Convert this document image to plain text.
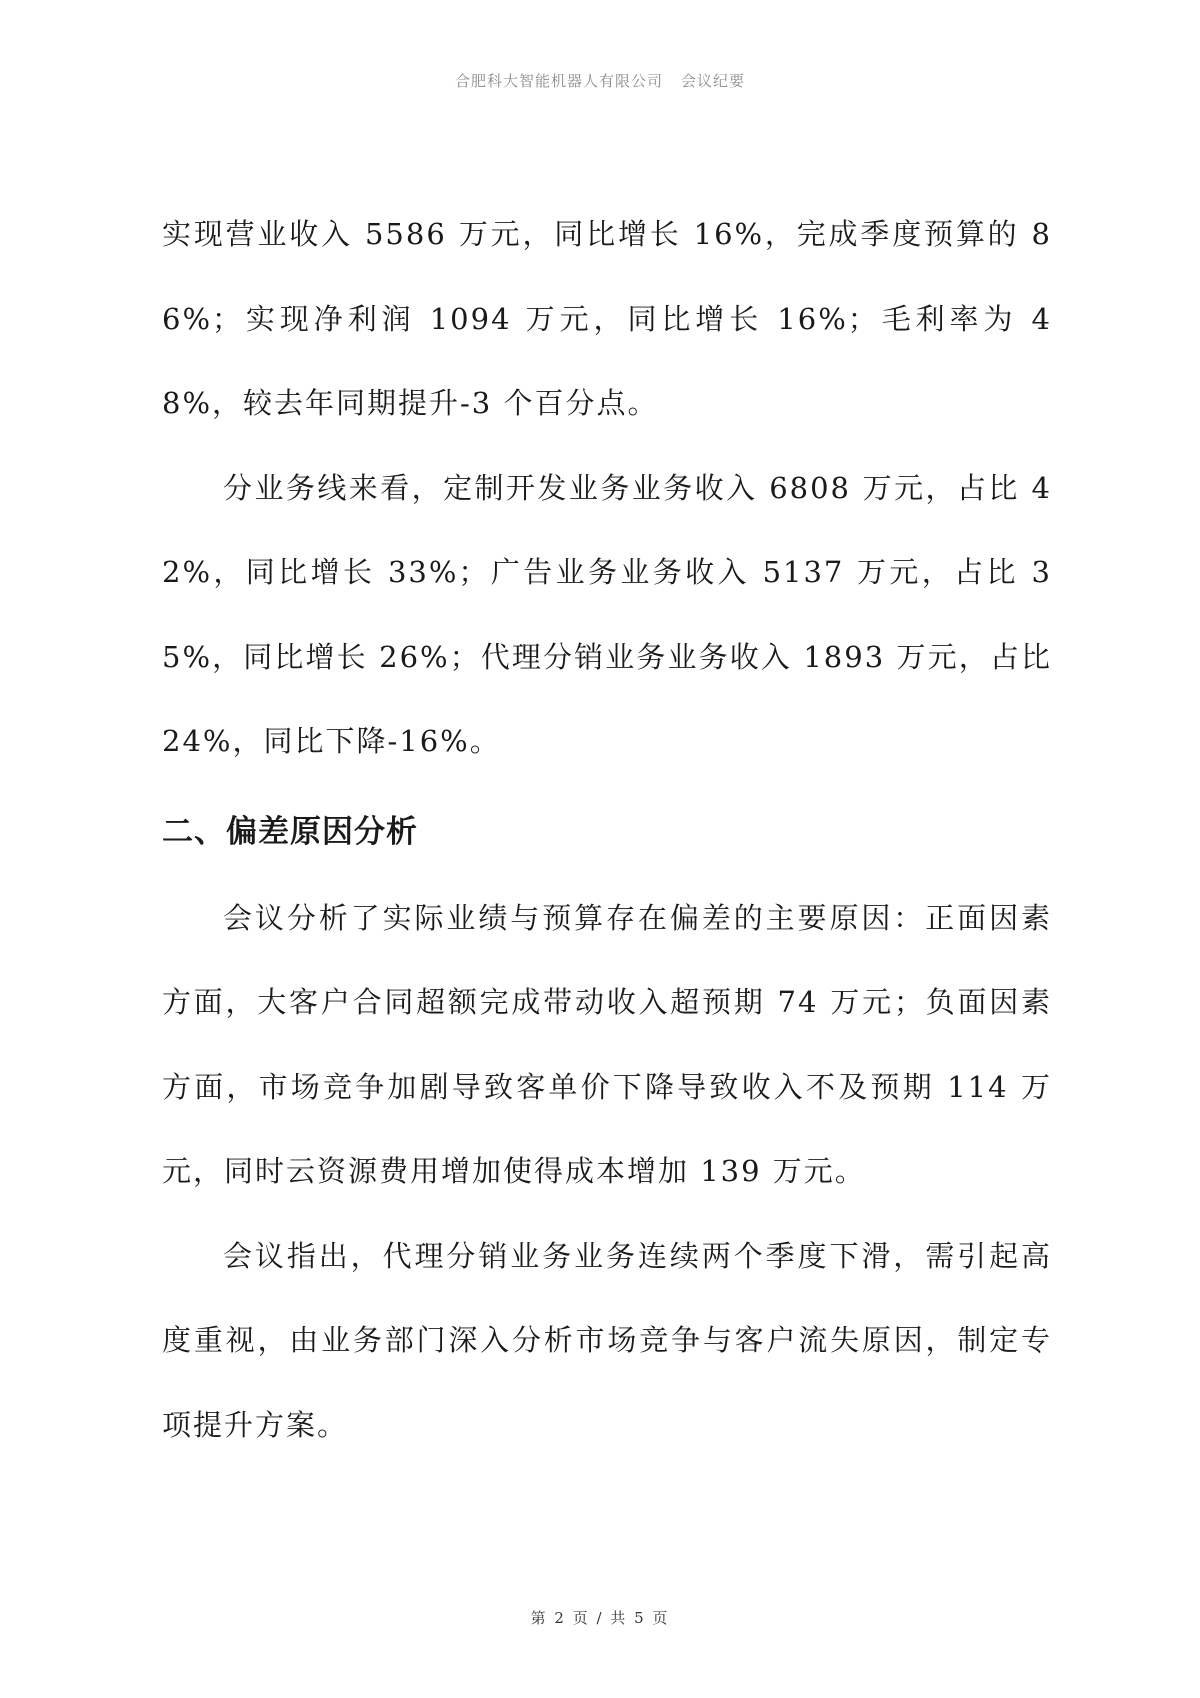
合肥科大智能机器人有限公司 会议纪要

实现营业收入 5586 万元，同比增长 16%，完成季度预算的 86%；实现净利润 1094 万元，同比增长 16%；毛利率为 48%，较去年同期提升-3 个百分点。

分业务线来看，定制开发业务业务收入 6808 万元，占比 42%，同比增长 33%；广告业务业务收入 5137 万元，占比 35%，同比增长 26%；代理分销业务业务收入 1893 万元，占比 24%，同比下降-16%。

二、偏差原因分析

会议分析了实际业绩与预算存在偏差的主要原因：正面因素方面，大客户合同超额完成带动收入超预期 74 万元；负面因素方面，市场竞争加剧导致客单价下降导致收入不及预期 114 万元，同时云资源费用增加使得成本增加 139 万元。

会议指出，代理分销业务业务连续两个季度下滑，需引起高度重视，由业务部门深入分析市场竞争与客户流失原因，制定专项提升方案。

第 2 页 / 共 5 页
